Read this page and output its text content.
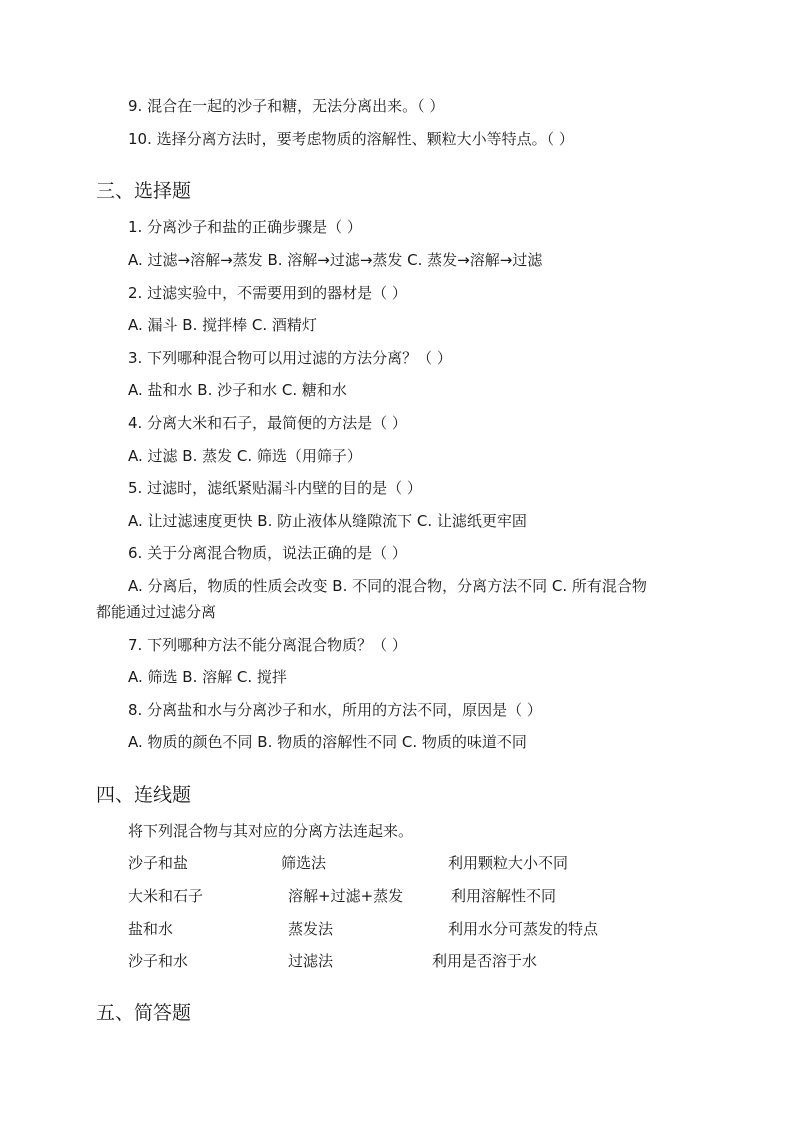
9. 混合在一起的沙子和糖，无法分离出来。（ ）
10. 选择分离方法时，要考虑物质的溶解性、颗粒大小等特点。（ ）
三、选择题
1. 分离沙子和盐的正确步骤是（ ）
A. 过滤→溶解→蒸发 B. 溶解→过滤→蒸发 C. 蒸发→溶解→过滤
2. 过滤实验中，不需要用到的器材是（ ）
A. 漏斗 B. 搅拌棒 C. 酒精灯
3. 下列哪种混合物可以用过滤的方法分离？（ ）
A. 盐和水 B. 沙子和水 C. 糖和水
4. 分离大米和石子，最简便的方法是（ ）
A. 过滤 B. 蒸发 C. 筛选（用筛子）
5. 过滤时，滤纸紧贴漏斗内壁的目的是（ ）
A. 让过滤速度更快 B. 防止液体从缝隙流下 C. 让滤纸更牢固
6. 关于分离混合物质，说法正确的是（ ）
A. 分离后，物质的性质会改变 B. 不同的混合物，分离方法不同 C. 所有混合物
都能通过过滤分离
7. 下列哪种方法不能分离混合物质？（ ）
A. 筛选 B. 溶解 C. 搅拌
8. 分离盐和水与分离沙子和水，所用的方法不同，原因是（ ）
A. 物质的颜色不同 B. 物质的溶解性不同 C. 物质的味道不同
四、连线题
将下列混合物与其对应的分离方法连起来。
沙子和盐	筛选法	利用颗粒大小不同
大米和石子	溶解+过滤+蒸发	利用溶解性不同
盐和水	蒸发法	利用水分可蒸发的特点
沙子和水	过滤法	利用是否溶于水
五、简答题
